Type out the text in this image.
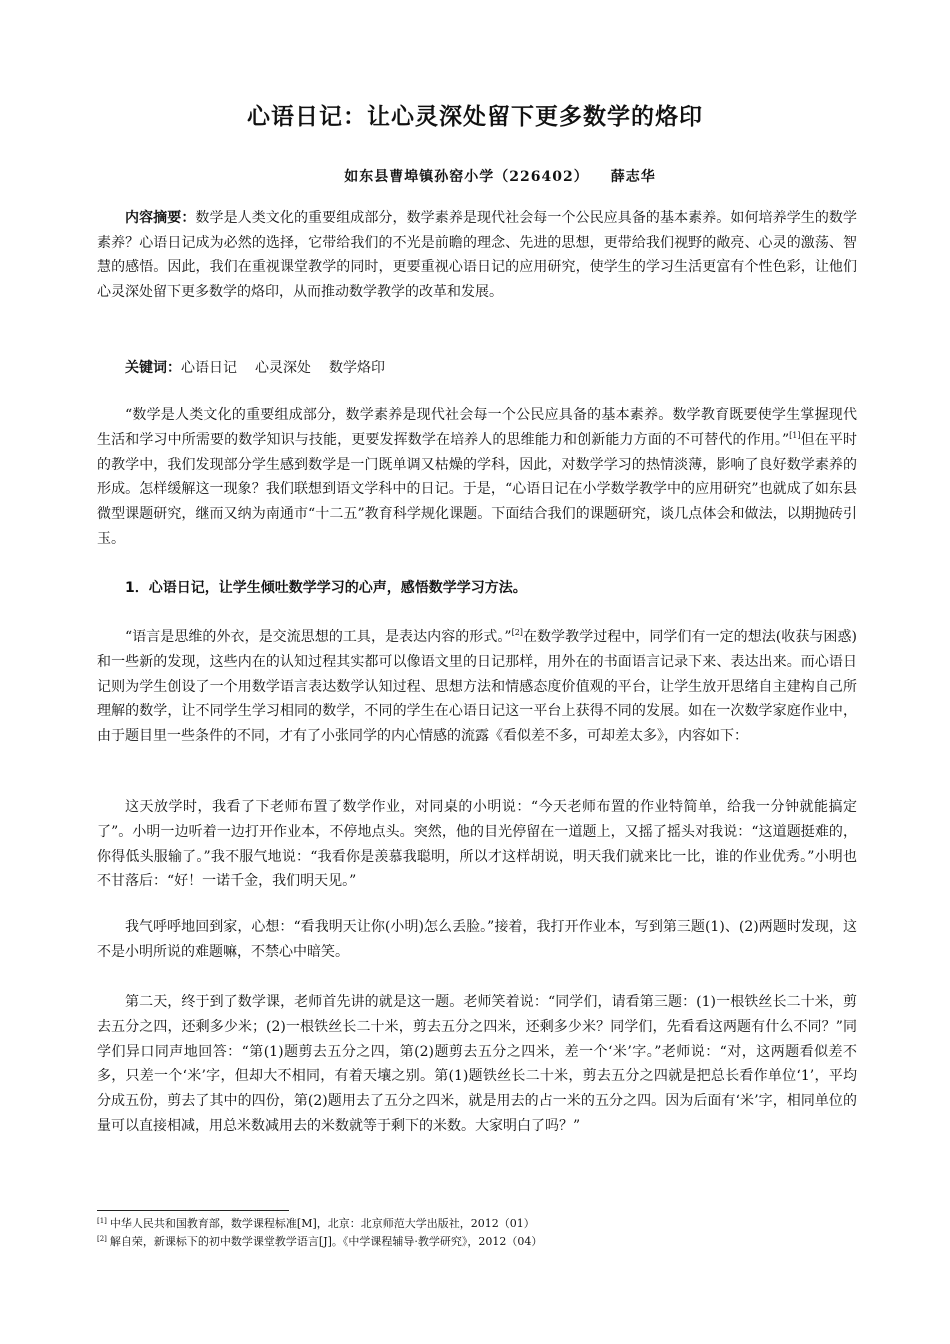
心语日记：让心灵深处留下更多数学的烙印
如东县曹埠镇孙窑小学（226402） 薛志华

内容摘要：数学是人类文化的重要组成部分，数学素养是现代社会每一个公民应具备的基本素养。如何培养学生的数学素养？心语日记成为必然的选择，它带给我们的不光是前瞻的理念、先进的思想，更带给我们视野的敞亮、心灵的激荡、智慧的感悟。因此，我们在重视课堂教学的同时，更要重视心语日记的应用研究，使学生的学习生活更富有个性色彩，让他们心灵深处留下更多数学的烙印，从而推动数学教学的改革和发展。

关键词：心语日记 心灵深处 数学烙印

“数学是人类文化的重要组成部分，数学素养是现代社会每一个公民应具备的基本素养。数学教育既要使学生掌握现代生活和学习中所需要的数学知识与技能，更要发挥数学在培养人的思维能力和创新能力方面的不可替代的作用。”[1]但在平时的教学中，我们发现部分学生感到数学是一门既单调又枯燥的学科，因此，对数学学习的热情淡薄，影响了良好数学素养的形成。怎样缓解这一现象？我们联想到语文学科中的日记。于是，“心语日记在小学数学教学中的应用研究”也就成了如东县微型课题研究，继而又纳为南通市“十二五”教育科学规化课题。下面结合我们的课题研究，谈几点体会和做法，以期抛砖引玉。

1．心语日记，让学生倾吐数学学习的心声，感悟数学学习方法。

“语言是思维的外衣，是交流思想的工具，是表达内容的形式。”[2]在数学教学过程中，同学们有一定的想法(收获与困惑)和一些新的发现，这些内在的认知过程其实都可以像语文里的日记那样，用外在的书面语言记录下来、表达出来。而心语日记则为学生创设了一个用数学语言表达数学认知过程、思想方法和情感态度价值观的平台，让学生放开思绪自主建构自己所理解的数学，让不同学生学习相同的数学，不同的学生在心语日记这一平台上获得不同的发展。如在一次数学家庭作业中，由于题目里一些条件的不同，才有了小张同学的内心情感的流露《看似差不多，可却差太多》，内容如下：

这天放学时，我看了下老师布置了数学作业，对同桌的小明说：“今天老师布置的作业特简单，给我一分钟就能搞定了”。小明一边听着一边打开作业本，不停地点头。突然，他的目光停留在一道题上，又摇了摇头对我说：“这道题挺难的，你得低头服输了。”我不服气地说：“我看你是羡慕我聪明，所以才这样胡说，明天我们就来比一比，谁的作业优秀。”小明也不甘落后：“好！一诺千金，我们明天见。”

我气呼呼地回到家，心想：“看我明天让你(小明)怎么丢脸。”接着，我打开作业本，写到第三题(1)、(2)两题时发现，这不是小明所说的难题嘛，不禁心中暗笑。

第二天，终于到了数学课，老师首先讲的就是这一题。老师笑着说：“同学们，请看第三题：(1)一根铁丝长二十米，剪去五分之四，还剩多少米；(2)一根铁丝长二十米，剪去五分之四米，还剩多少米？同学们，先看看这两题有什么不同？”同学们异口同声地回答：“第(1)题剪去五分之四，第(2)题剪去五分之四米，差一个‘米’字。”老师说：“对，这两题看似差不多，只差一个‘米’字，但却大不相同，有着天壤之别。第(1)题铁丝长二十米，剪去五分之四就是把总长看作单位‘1’，平均分成五份，剪去了其中的四份，第(2)题用去了五分之四米，就是用去的占一米的五分之四。因为后面有‘米’字，相同单位的量可以直接相减，用总米数减用去的米数就等于剩下的米数。大家明白了吗？”

[1] 中华人民共和国教育部，数学课程标准[M]，北京：北京师范大学出版社，2012（01）

[2] 解自荣，新课标下的初中数学课堂教学语言[J]。《中学课程辅导·教学研究》，2012（04）
